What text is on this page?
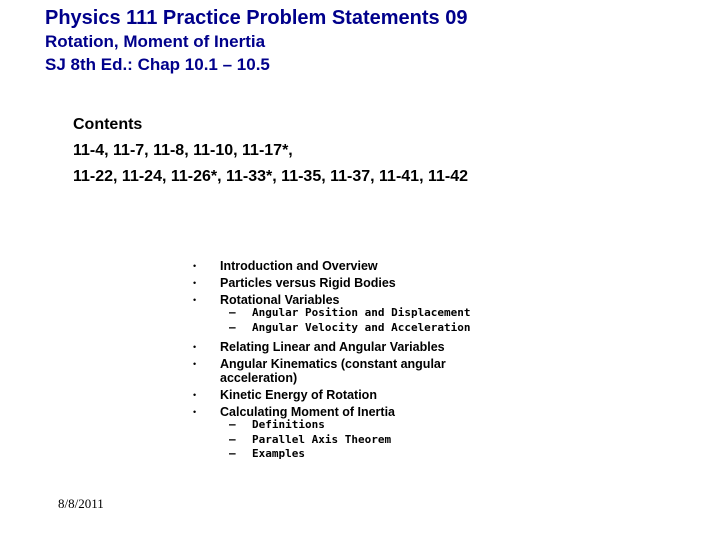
Physics 111 Practice Problem Statements 09
Rotation, Moment of Inertia
SJ 8th Ed.: Chap 10.1 – 10.5
Contents
11-4, 11-7, 11-8, 11-10, 11-17*,
11-22, 11-24, 11-26*, 11-33*, 11-35, 11-37, 11-41, 11-42
• Introduction and Overview
• Particles versus Rigid Bodies
• Rotational Variables
– Angular Position and Displacement
– Angular Velocity and Acceleration
• Relating Linear and Angular Variables
• Angular Kinematics (constant angular acceleration)
• Kinetic Energy of Rotation
• Calculating Moment of Inertia
– Definitions
– Parallel Axis Theorem
– Examples
8/8/2011
